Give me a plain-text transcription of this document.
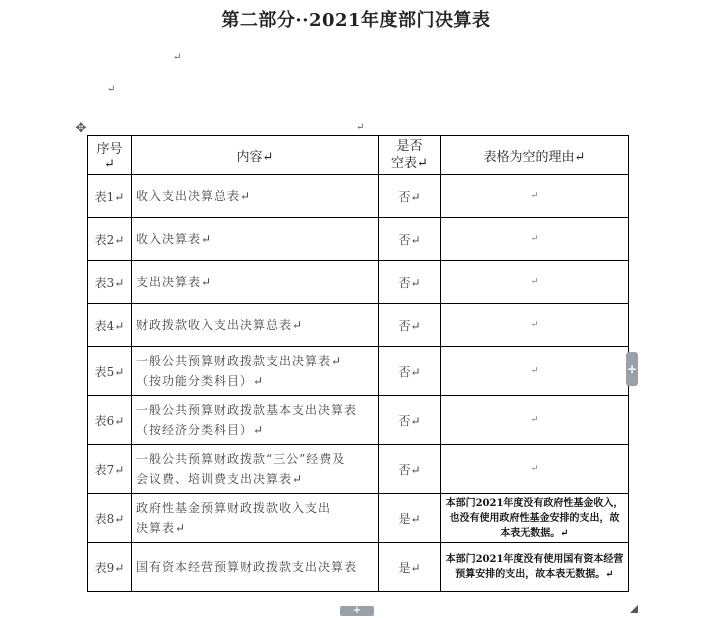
第二部分··2021年度部门决算表
↵
↵
↵
✥
序号↵	内容↵	是否
空表↵	表格为空的理由↵
表1↵	收入支出决算总表↵	否↵	↵

表2↵	收入决算表↵	否↵	↵

表3↵	支出决算表↵	否↵	↵

表4↵	财政拨款收入支出决算总表↵	否↵	↵

表5↵	一般公共预算财政拨款支出决算表↵
（按功能分类科目）↵	否↵	↵

表6↵	一般公共预算财政拨款基本支出决算表
（按经济分类科目）↵	否↵	↵

表7↵	一般公共预算财政拨款“三公”经费及
会议费、培训费支出决算表↵	否↵	↵

表8↵	政府性基金预算财政拨款收入支出
决算表↵	是↵	本部门2021年度没有政府性基金收入，
也没有使用政府性基金安排的支出，故
本表无数据。↵

表9↵	国有资本经营预算财政拨款支出决算表	是↵	本部门2021年度没有使用国有资本经营
预算安排的支出，故本表无数据。↵
+
+
